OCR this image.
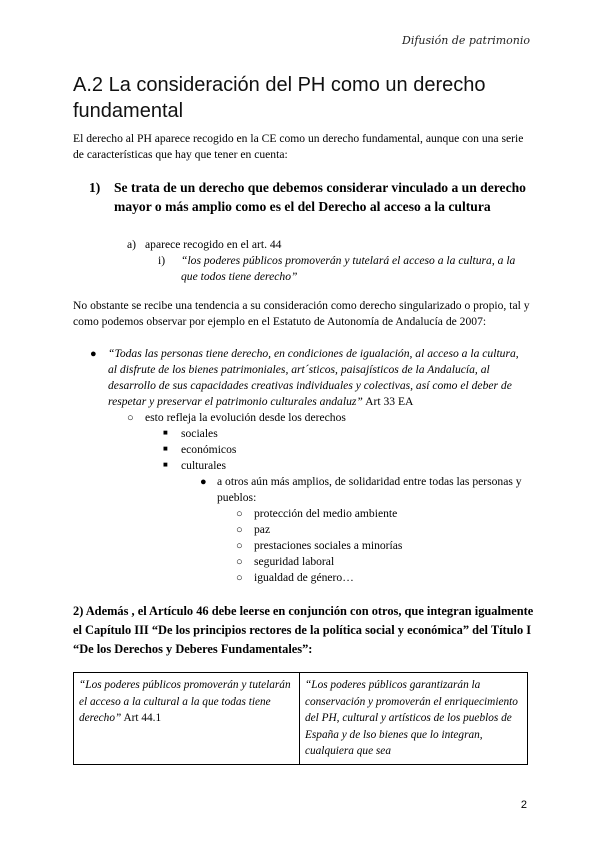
Difusión de patrimonio
A.2 La consideración del PH como un derecho fundamental
El derecho al PH aparece recogido en la CE como un derecho fundamental, aunque con una serie de características que hay que tener en cuenta:
1)	Se trata de un derecho que debemos considerar vinculado a un derecho mayor o más amplio como es el del Derecho al acceso a la cultura
a) aparece recogido en el art. 44
i) “los poderes públicos promoverán y tutelará el acceso a la cultura, a la que todos tiene derecho”
No obstante se recibe una tendencia a su consideración como derecho singularizado o propio, tal y como podemos observar por ejemplo en el Estatuto de Autonomía de Andalucía de 2007:
● “Todas las personas tiene derecho, en condiciones de igualación, al acceso a la cultura, al disfrute de los bienes patrimoniales, art´sticos, paisajísticos de la Andalucía, al desarrollo de sus capacidades creativas individuales y colectivas, así como el deber de respetar y preservar el patrimonio culturales andaluz” Art 33 EA
○ esto refleja la evolución desde los derechos
■ sociales
■ económicos
■ culturales
● a otros aún más amplios, de solidaridad entre todas las personas y pueblos:
○ protección del medio ambiente
○ paz
○ prestaciones sociales a minorías
○ seguridad laboral
○ igualdad de género…
2) Además , el Artículo 46 debe leerse en conjunción con otros, que integran igualmente el Capítulo III “De los principios rectores de la política social y económica” del Título I “De los Derechos y Deberes Fundamentales”:
“Los poderes públicos promoverán y tutelarán el acceso a la cultural a la que todas tiene derecho” Art 44.1	“Los poderes públicos garantizarán la conservación y promoverán el enriquecimiento del PH, cultural y artísticos de los pueblos de España y de lso bienes que lo integran, cualquiera que sea
2
